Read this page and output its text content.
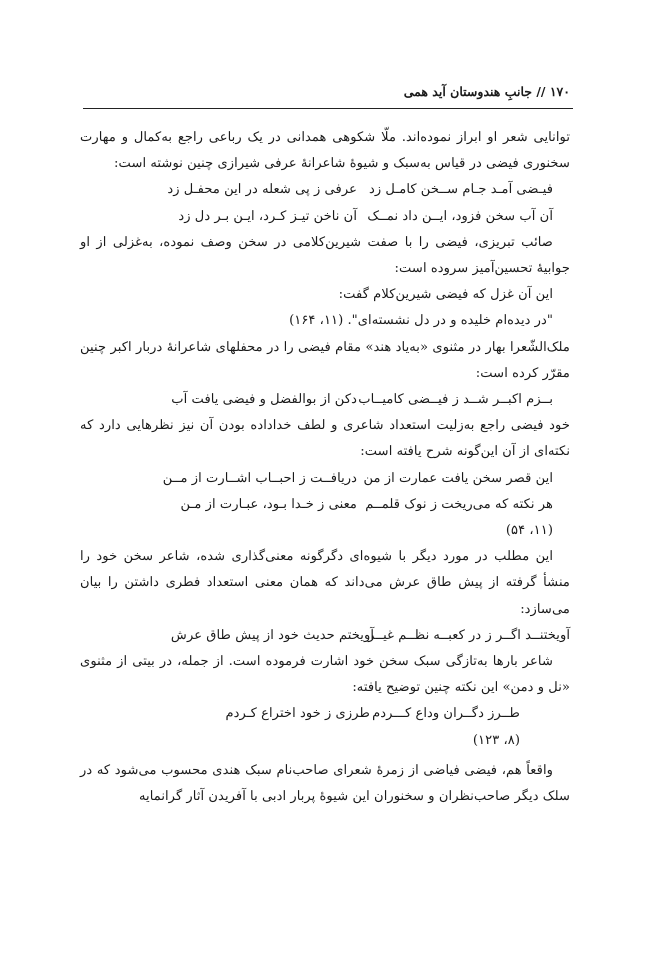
۱۷۰ // جانبِ هندوستان آید همی

توانایی شعر او ابراز نموده‌اند. ملّا شکوهی همدانی در یک رباعی راجع به‌کمال و مهارت سخنوری فیضی در قیاس به‌سبک و شیوهٔ شاعرانهٔ عرفی شیرازی چنین نوشته است:

فیـضی آمـد جـام ســخن کامـل زد
عرفی ز پی شعله در این محفـل زد
آن آب سخن فزود، ایــن داد نمــک
آن ناخن تیـز کـرد، ایـن بـر دل زد

صائب تبریزی، فیضی را با صفت شیرین‌کلامی در سخن وصف نموده، به‌غزلی از او جوابیهٔ تحسین‌آمیز سروده است:

این آن غزل که فیضی شیرین‌کلام گفت:
"در دیده‌ام خلیده و در دل نشسته‌ای". (۱۱، ۱۶۴)

ملک‌الشّعرا بهار در مثنوی «به‌یاد هند» مقام فیضی را در محفلهای شاعرانهٔ دربار اکبر چنین مقرّر کرده است:

بــزم اکبــر شــد ز فیــضی کامیــاب
دکن از بوالفضل و فیضی یافت آب

خود فیضی راجع به‌زلیت استعداد شاعری و لطف خداداده بودن آن نیز نظرهایی دارد که نکته‌ای از آن این‌گونه شرح یافته است:

این قصر سخن یافت عمارت از من
دریافــت ز احبــاب اشــارت از مــن
هر نکته که می‌ریخت ز نوک قلمــم
معنی ز خـدا بـود، عبـارت از مـن
(۱۱، ۵۴)

این مطلب در مورد دیگر با شیوه‌ای دگرگونه معنی‌گذاری شده، شاعر سخن خود را منشأ گرفته از پیش طاق عرش می‌داند که همان معنی استعداد فطری داشتن را بیان می‌سازد:

آویختنــد اگــر ز در کعبــه نظــم غیــر
آویختم حدیث خود از پیش طاق عرش

شاعر بارها به‌تازگی سبک سخن خود اشارت فرموده است. از جمله، در بیتی از مثنوی «نل و دمن» این نکته چنین توضیح یافته:

طــرز دگــران وداع کـــردم
طرزی ز خود اختراع کـردم
(۸، ۱۲۳)

واقعاً هم، فیضی فیاضی از زمرهٔ شعرای صاحب‌نام سبک هندی محسوب می‌شود که در سلک دیگر صاحب‌نظران و سخنوران این شیوهٔ پربار ادبی با آفریدن آثار گرانمایه
